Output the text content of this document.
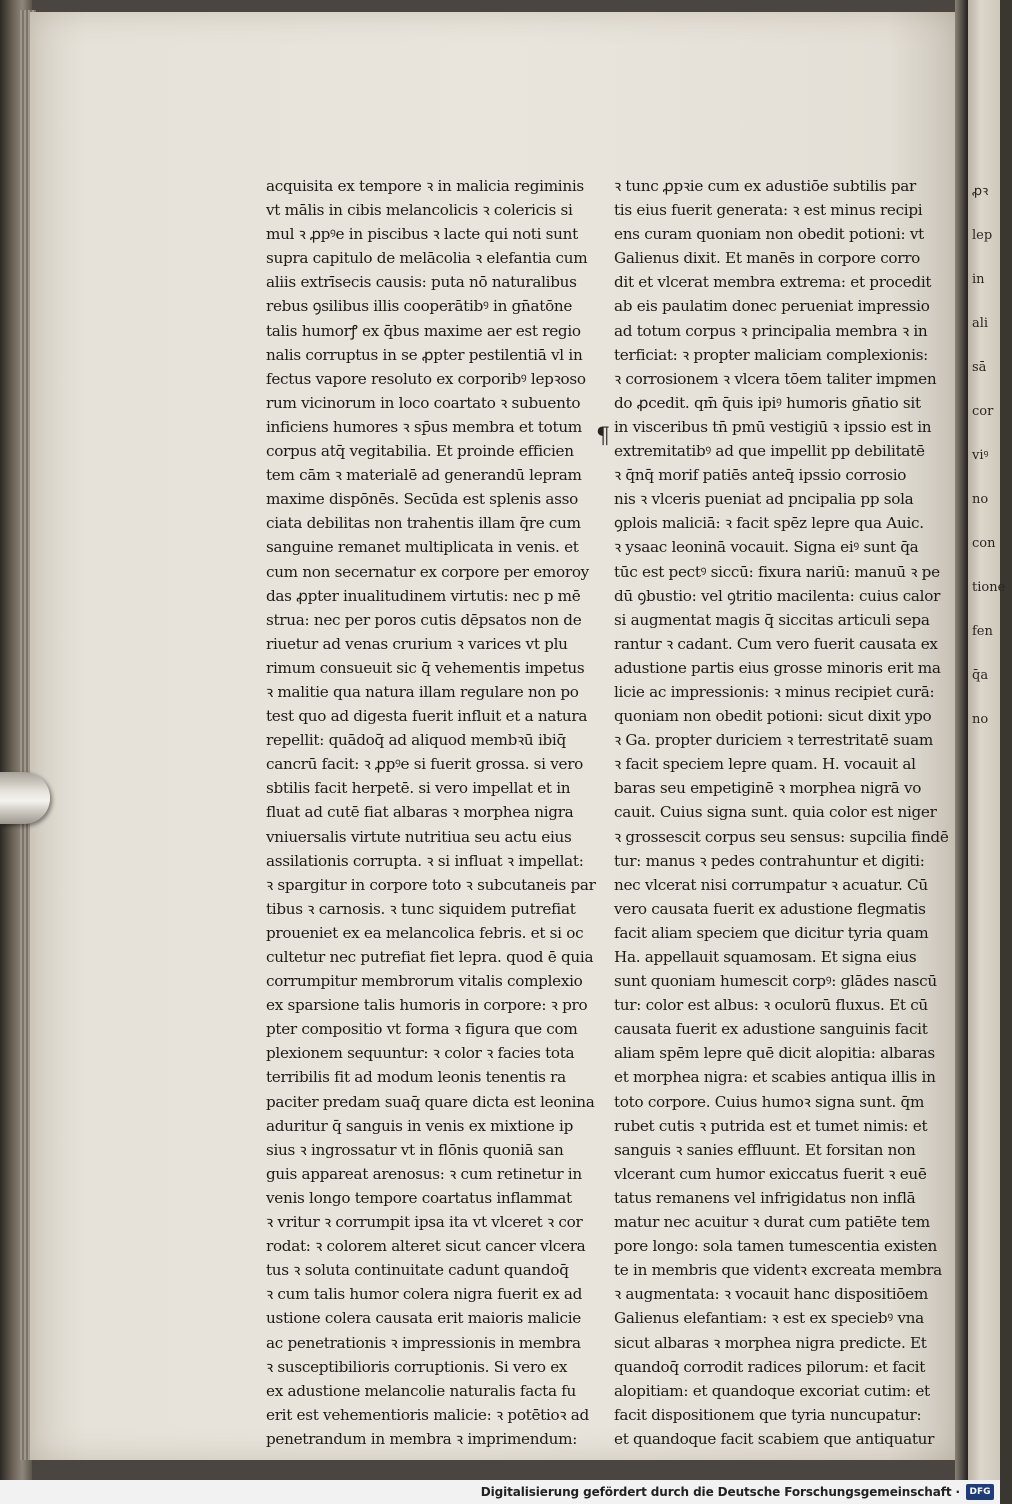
ꝓꝛ
lep
in
ali
sā
cor
viꝰ
no
con
tione
fen
q̄a
no
acquisita ex tempore ꝛ in malicia regiminis
vt mālis in cibis melancolicis ꝛ colericis si
mul ꝛ ꝓpꝰe in piscibus ꝛ lacte qui noti sunt
supra capitulo de melācolia ꝛ elefantia cum
aliis extrīsecis causis: puta nō naturalibus
rebus ꝯsilibus illis cooperātibꝰ in gn̄atōne
talis humorꝭ ex q̄bus maxime aer est regio
nalis corruptus in se ꝓpter pestilentiā vl in
fectus vapore resoluto ex corporibꝰ lepꝛoso
rum vicinorum in loco coartato ꝛ subuento
inficiens humores ꝛ sp̄us membra et totum
corpus atq̄ vegitabilia. Et proinde efficien
tem cām ꝛ materialē ad generandū lepram
maxime dispōnēs. Secūda est splenis asso
ciata debilitas non trahentis illam q̄re cum
sanguine remanet multiplicata in venis. et
cum non secernatur ex corpore per emoroy
das ꝓpter inualitudinem virtutis: nec p mē
strua: nec per poros cutis dēpsatos non de
riuetur ad venas crurium ꝛ varices vt plu
rimum consueuit sic q̄ vehementis impetus
ꝛ malitie qua natura illam regulare non po
test quo ad digesta fuerit influit et a natura
repellit: quādoq̄ ad aliquod membꝛū ibiq̄
cancrū facit: ꝛ ꝓpꝰe si fuerit grossa. si vero
sbtilis facit herpetē. si vero impellat et in
fluat ad cutē fiat albaras ꝛ morphea nigra
vniuersalis virtute nutritiua seu actu eius
assilationis corrupta. ꝛ si influat ꝛ impellat:
ꝛ spargitur in corpore toto ꝛ subcutaneis par
tibus ꝛ carnosis. ꝛ tunc siquidem putrefiat
proueniet ex ea melancolica febris. et si oc
cultetur nec putrefiat fiet lepra. quod ē quia
corrumpitur membrorum vitalis complexio
ex sparsione talis humoris in corpore: ꝛ pro
pter compositio vt forma ꝛ figura que com
plexionem sequuntur: ꝛ color ꝛ facies tota
terribilis fit ad modum leonis tenentis ra
paciter predam suaq̄ quare dicta est leonina
aduritur q̄ sanguis in venis ex mixtione ip
sius ꝛ ingrossatur vt in flōnis quoniā san
guis appareat arenosus: ꝛ cum retinetur in
venis longo tempore coartatus inflammat
ꝛ vritur ꝛ corrumpit ipsa ita vt vlceret ꝛ cor
rodat: ꝛ colorem alteret sicut cancer vlcera
tus ꝛ soluta continuitate cadunt quandoq̄
ꝛ cum talis humor colera nigra fuerit ex ad
ustione colera causata erit maioris malicie
ac penetrationis ꝛ impressionis in membra
ꝛ susceptibilioris corruptionis. Si vero ex
ex adustione melancolie naturalis facta fu
erit est vehementioris malicie: ꝛ potētioꝛ ad
penetrandum in membra ꝛ imprimendum:
ꝛ tunc ꝓpꝛie cum ex adustiōe subtilis par
tis eius fuerit generata: ꝛ est minus recipi
ens curam quoniam non obedit potioni: vt
Galienus dixit. Et manēs in corpore corro
dit et vlcerat membra extrema: et procedit
ab eis paulatim donec perueniat impressio
ad totum corpus ꝛ principalia membra ꝛ in
terficiat: ꝛ propter maliciam complexionis:
ꝛ corrosionem ꝛ vlcera tōem taliter impmen
do ꝓcedit. qm̄ q̄uis ipiꝰ humoris gn̄atio sit
in visceribus tn̄ pmū vestigiū ꝛ ipssio est in
extremitatibꝰ ad que impellit pp debilitatē
ꝛ q̄nq̄ morif patiēs anteq̄ ipssio corrosio
nis ꝛ vlceris pueniat ad pncipalia pp sola
ꝯplois maliciā: ꝛ facit spēz lepre qua Auic.
ꝛ ysaac leoninā vocauit. Signa eiꝰ sunt q̄a
tūc est pectꝰ siccū: fixura nariū: manuū ꝛ pe
dū ꝯbustio: vel ꝯtritio macilenta: cuius calor
si augmentat magis q̄ siccitas articuli sepa
rantur ꝛ cadant. Cum vero fuerit causata ex
adustione partis eius grosse minoris erit ma
licie ac impressionis: ꝛ minus recipiet curā:
quoniam non obedit potioni: sicut dixit ypo
ꝛ Ga. propter duriciem ꝛ terrestritatē suam
ꝛ facit speciem lepre quam. H. vocauit al
baras seu empetiginē ꝛ morphea nigrā vo
cauit. Cuius signa sunt. quia color est niger
ꝛ grossescit corpus seu sensus: supcilia findē
tur: manus ꝛ pedes contrahuntur et digiti:
nec vlcerat nisi corrumpatur ꝛ acuatur. Cū
vero causata fuerit ex adustione flegmatis
facit aliam speciem que dicitur tyria quam
Ha. appellauit squamosam. Et signa eius
sunt quoniam humescit corpꝰ: glādes nascū
tur: color est albus: ꝛ oculorū fluxus. Et cū
causata fuerit ex adustione sanguinis facit
aliam spēm lepre quē dicit alopitia: albaras
et morphea nigra: et scabies antiqua illis in
toto corpore. Cuius humoꝛ signa sunt. q̄m
rubet cutis ꝛ putrida est et tumet nimis: et
sanguis ꝛ sanies effluunt. Et forsitan non
vlcerant cum humor exiccatus fuerit ꝛ euē
tatus remanens vel infrigidatus non inflā
matur nec acuitur ꝛ durat cum patiēte tem
pore longo: sola tamen tumescentia existen
te in membris que videntꝛ excreata membra
ꝛ augmentata: ꝛ vocauit hanc dispositiōem
Galienus elefantiam: ꝛ est ex speciebꝰ vna
sicut albaras ꝛ morphea nigra predicte. Et
quandoq̄ corrodit radices pilorum: et facit
alopitiam: et quandoque excoriat cutim: et
facit dispositionem que tyria nuncupatur:
et quandoque facit scabiem que antiquatur
¶
Digitalisierung gefördert durch die Deutsche Forschungsgemeinschaft ·	DFG
